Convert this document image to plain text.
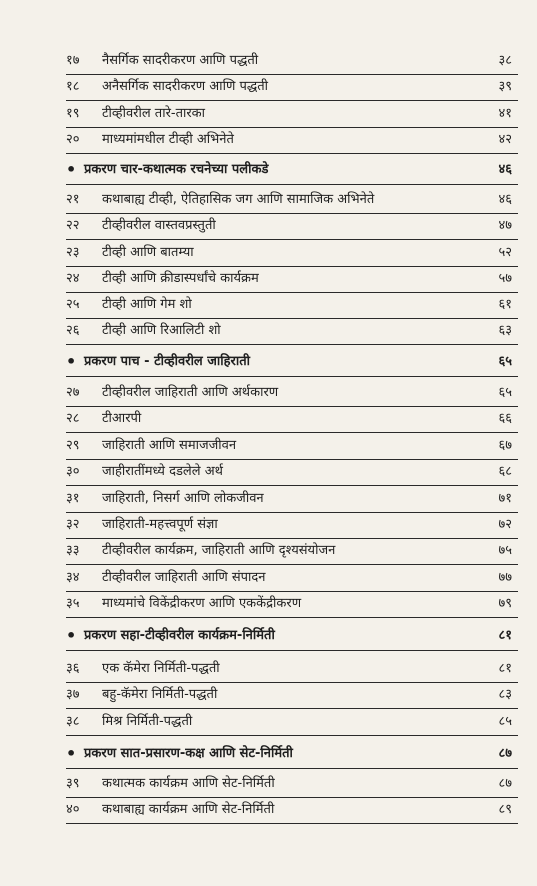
१७	नैसर्गिक सादरीकरण आणि पद्धती	३८
१८	अनैसर्गिक सादरीकरण आणि पद्धती	३९
१९	टीव्हीवरील तारे-तारका	४१
२०	माध्यमांमधील टीव्ही अभिनेते	४२
• प्रकरण चार-कथात्मक रचनेच्या पलीकडे	४६
२१	कथाबाह्य टीव्ही, ऐतिहासिक जग आणि सामाजिक अभिनेते	४६
२२	टीव्हीवरील वास्तवप्रस्तुती	४७
२३	टीव्ही आणि बातम्या	५२
२४	टीव्ही आणि क्रीडास्पर्धांचे कार्यक्रम	५७
२५	टीव्ही आणि गेम शो	६१
२६	टीव्ही आणि रिआलिटी शो	६३
• प्रकरण पाच - टीव्हीवरील जाहिराती	६५
२७	टीव्हीवरील जाहिराती आणि अर्थकारण	६५
२८	टीआरपी	६६
२९	जाहिराती आणि समाजजीवन	६७
३०	जाहीरातींमध्ये दडलेले अर्थ	६८
३१	जाहिराती, निसर्ग आणि लोकजीवन	७१
३२	जाहिराती-महत्त्वपूर्ण संज्ञा	७२
३३	टीव्हीवरील कार्यक्रम, जाहिराती आणि दृश्यसंयोजन	७५
३४	टीव्हीवरील जाहिराती आणि संपादन	७७
३५	माध्यमांचे विकेंद्रीकरण आणि एककेंद्रीकरण	७९
• प्रकरण सहा-टीव्हीवरील कार्यक्रम-निर्मिती	८१
३६	एक कॅमेरा निर्मिती-पद्धती	८१
३७	बहु-कॅमेरा निर्मिती-पद्धती	८३
३८	मिश्र निर्मिती-पद्धती	८५
• प्रकरण सात-प्रसारण-कक्ष आणि सेट-निर्मिती	८७
३९	कथात्मक कार्यक्रम आणि सेट-निर्मिती	८७
४०	कथाबाह्य कार्यक्रम आणि सेट-निर्मिती	८९
